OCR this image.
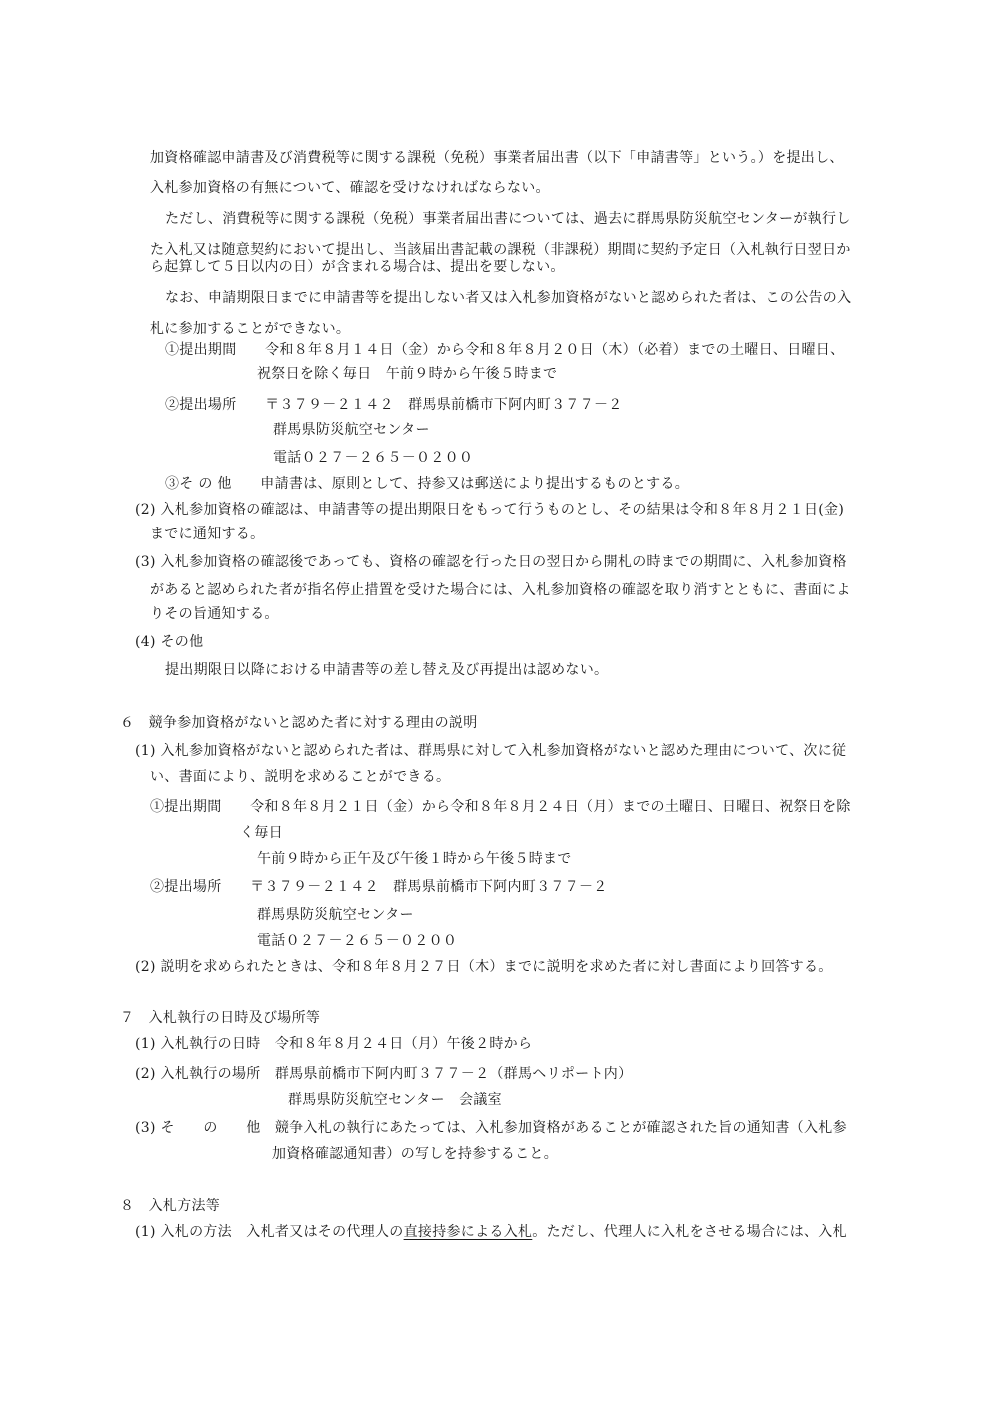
加資格確認申請書及び消費税等に関する課税（免税）事業者届出書（以下「申請書等」という。）を提出し、
入札参加資格の有無について、確認を受けなければならない。
ただし、消費税等に関する課税（免税）事業者届出書については、過去に群馬県防災航空センターが執行し
た入札又は随意契約において提出し、当該届出書記載の課税（非課税）期間に契約予定日（入札執行日翌日か
ら起算して５日以内の日）が含まれる場合は、提出を要しない。
なお、申請期限日までに申請書等を提出しない者又は入札参加資格がないと認められた者は、この公告の入
札に参加することができない。
①提出期間　　令和８年８月１４日（金）から令和８年８月２０日（木）（必着）までの土曜日、日曜日、
祝祭日を除く毎日　午前９時から午後５時まで
②提出場所　　〒３７９－２１４２　群馬県前橋市下阿内町３７７－２
群馬県防災航空センター
電話０２７－２６５－０２００
③そ の 他　　申請書は、原則として、持参又は郵送により提出するものとする。
(2) 入札参加資格の確認は、申請書等の提出期限日をもって行うものとし、その結果は令和８年８月２１日(金)
までに通知する。
(3) 入札参加資格の確認後であっても、資格の確認を行った日の翌日から開札の時までの期間に、入札参加資格
があると認められた者が指名停止措置を受けた場合には、入札参加資格の確認を取り消すとともに、書面によ
りその旨通知する。
(4) その他
提出期限日以降における申請書等の差し替え及び再提出は認めない。
６　競争参加資格がないと認めた者に対する理由の説明
(1) 入札参加資格がないと認められた者は、群馬県に対して入札参加資格がないと認めた理由について、次に従
い、書面により、説明を求めることができる。
①提出期間　　令和８年８月２１日（金）から令和８年８月２４日（月）までの土曜日、日曜日、祝祭日を除
く毎日
午前９時から正午及び午後１時から午後５時まで
②提出場所　　〒３７９－２１４２　群馬県前橋市下阿内町３７７－２
群馬県防災航空センター
電話０２７－２６５－０２００
(2) 説明を求められたときは、令和８年８月２７日（木）までに説明を求めた者に対し書面により回答する。
７　入札執行の日時及び場所等
(1) 入札執行の日時　令和８年８月２４日（月）午後２時から
(2) 入札執行の場所　群馬県前橋市下阿内町３７７－２（群馬ヘリポート内）
群馬県防災航空センター　会議室
(3) そ　　の　　他　競争入札の執行にあたっては、入札参加資格があることが確認された旨の通知書（入札参
加資格確認通知書）の写しを持参すること。
８　入札方法等
(1) 入札の方法　入札者又はその代理人の直接持参による入札。ただし、代理人に入札をさせる場合には、入札
